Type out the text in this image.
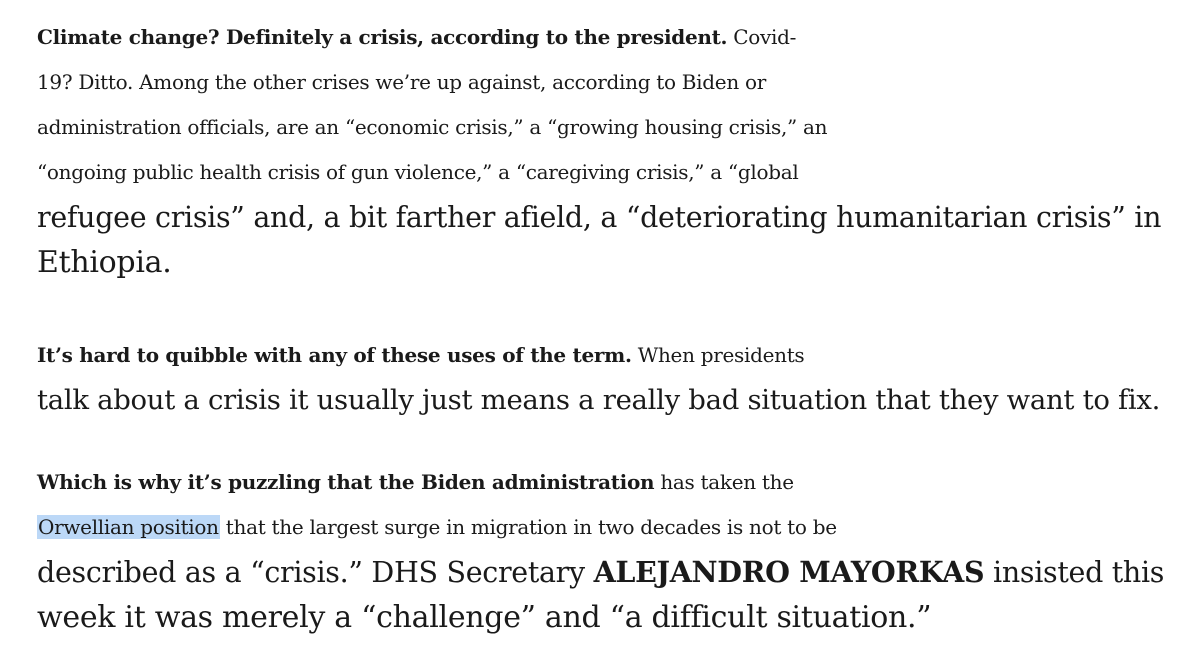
Climate change? Definitely a crisis, according to the president. Covid-
19? Ditto. Among the other crises we’re up against, according to Biden or
administration officials, are an “economic crisis,” a “growing housing crisis,” an
“ongoing public health crisis of gun violence,” a “caregiving crisis,” a “global
refugee crisis” and, a bit farther afield, a “deteriorating humanitarian crisis” in
Ethiopia.

It’s hard to quibble with any of these uses of the term. When presidents
talk about a crisis it usually just means a really bad situation that they want to fix.

Which is why it’s puzzling that the Biden administration has taken the
Orwellian position that the largest surge in migration in two decades is not to be
described as a “crisis.” DHS Secretary ALEJANDRO MAYORKAS insisted this
week it was merely a “challenge” and “a difficult situation.”
